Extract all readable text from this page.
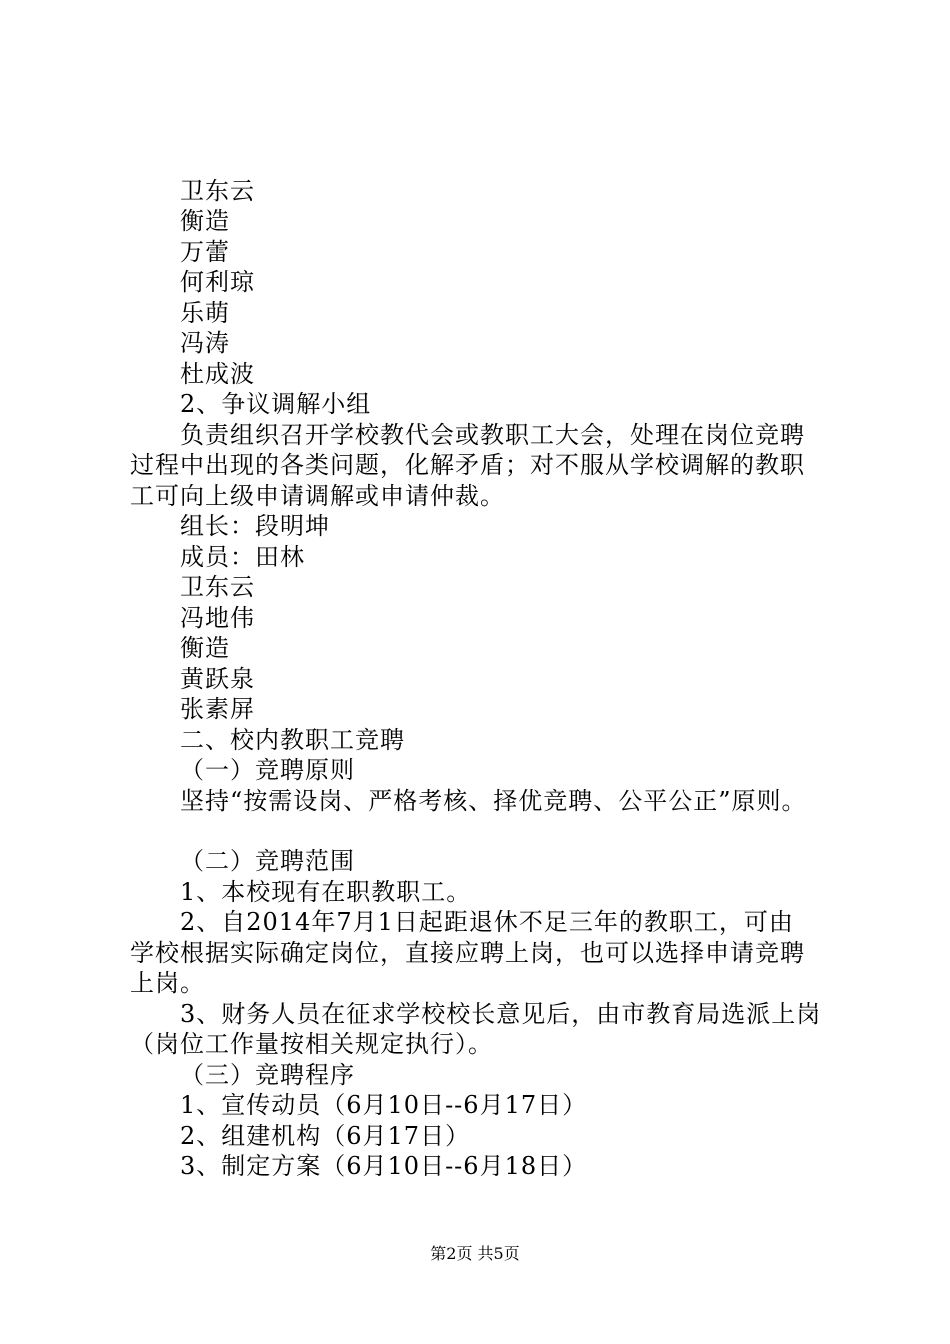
卫东云
衡造
万蕾
何利琼
乐萌
冯涛
杜成波
2、争议调解小组
负责组织召开学校教代会或教职工大会，处理在岗位竞聘
过程中出现的各类问题，化解矛盾；对不服从学校调解的教职
工可向上级申请调解或申请仲裁。
组长：段明坤
成员：田林
卫东云
冯地伟
衡造
黄跃泉
张素屏
二、校内教职工竞聘
（一）竞聘原则
坚持“按需设岗、严格考核、择优竞聘、公平公正”原则。
（二）竞聘范围
1、本校现有在职教职工。
2、自2014年7月1日起距退休不足三年的教职工，可由
学校根据实际确定岗位，直接应聘上岗，也可以选择申请竞聘
上岗。
3、财务人员在征求学校校长意见后，由市教育局选派上岗
（岗位工作量按相关规定执行）。
（三）竞聘程序
1、宣传动员（6月10日--6月17日）
2、组建机构（6月17日）
3、制定方案（6月10日--6月18日）
第2页 共5页
